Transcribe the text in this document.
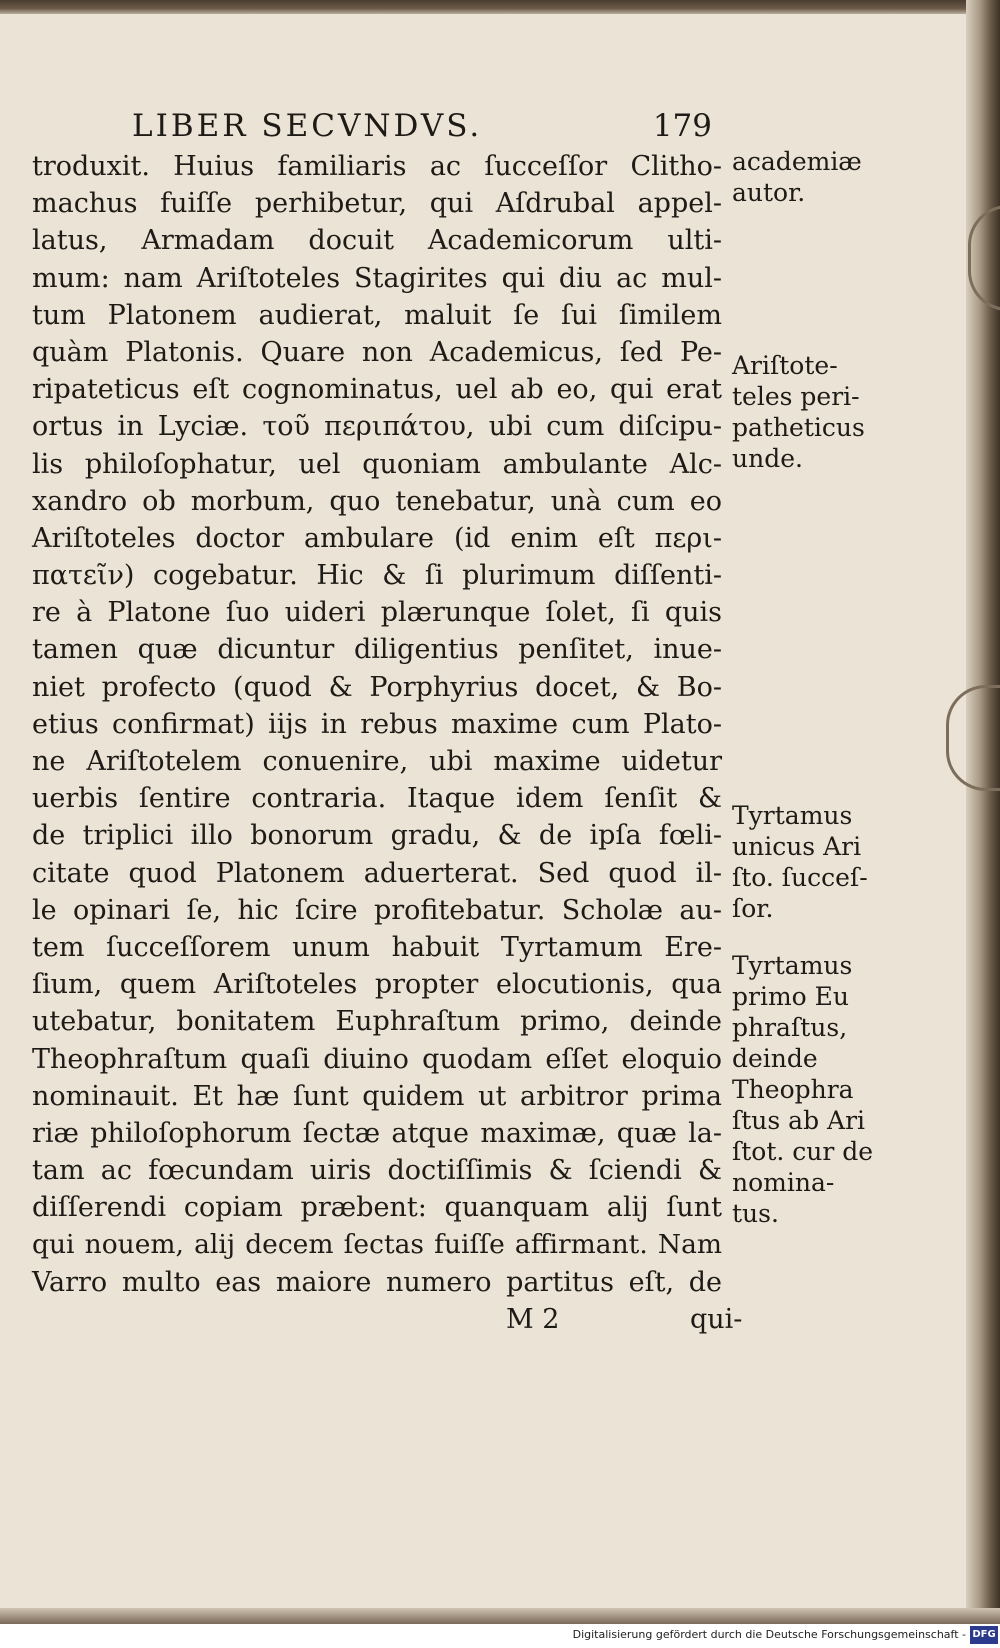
LIBER SECVNDVS.	179
troduxit. Huius familiaris ac ſucceſſor Clitho-
machus fuiſſe perhibetur, qui Aſdrubal appel-
latus, Armadam docuit Academicorum ulti-
mum: nam Ariſtoteles Stagirites qui diu ac mul-
tum Platonem audierat, maluit ſe ſui ſimilem
quàm Platonis. Quare non Academicus, ſed Pe-
ripateticus eſt cognominatus, uel ab eo, qui erat
ortus in Lyciæ. τοῦ περιπάτου, ubi cum diſcipu-
lis philoſophatur, uel quoniam ambulante Alc-
xandro ob morbum, quo tenebatur, unà cum eo
Ariſtoteles doctor ambulare (id enim eſt περι-
πατεῖν) cogebatur. Hic & ſi plurimum diſſenti-
re à Platone ſuo uideri plærunque ſolet, ſi quis
tamen quæ dicuntur diligentius penſitet, inue-
niet profecto (quod & Porphyrius docet, & Bo-
etius confirmat) iijs in rebus maxime cum Plato-
ne Ariſtotelem conuenire, ubi maxime uidetur
uerbis ſentire contraria. Itaque idem ſenſit &
de triplici illo bonorum gradu, & de ipſa fœli-
citate quod Platonem aduerterat. Sed quod il-
le opinari ſe, hic ſcire profitebatur. Scholæ au-
tem ſucceſſorem unum habuit Tyrtamum Ere-
ſium, quem Ariſtoteles propter elocutionis, qua
utebatur, bonitatem Euphraſtum primo, deinde
Theophraſtum quaſi diuino quodam eſſet eloquio
nominauit. Et hæ ſunt quidem ut arbitror prima
riæ philoſophorum ſectæ atque maximæ, quæ la-
tam ac fœcundam uiris doctiſſimis & ſciendi &
diſſerendi copiam præbent: quanquam alij ſunt
qui nouem, alij decem ſectas fuiſſe affirmant. Nam
Varro multo eas maiore numero partitus eſt, de
M 2	qui-
academiæ
autor.
Ariſtote-
teles peri-
patheticus
unde.
Tyrtamus
unicus Ari
ſto. ſucceſ-
ſor.
Tyrtamus
primo Eu
phraſtus,
deinde
Theophra
ſtus ab Ari
ſtot. cur de
nomina-
tus.
Digitalisierung gefördert durch die Deutsche Forschungsgemeinschaft - DFG
